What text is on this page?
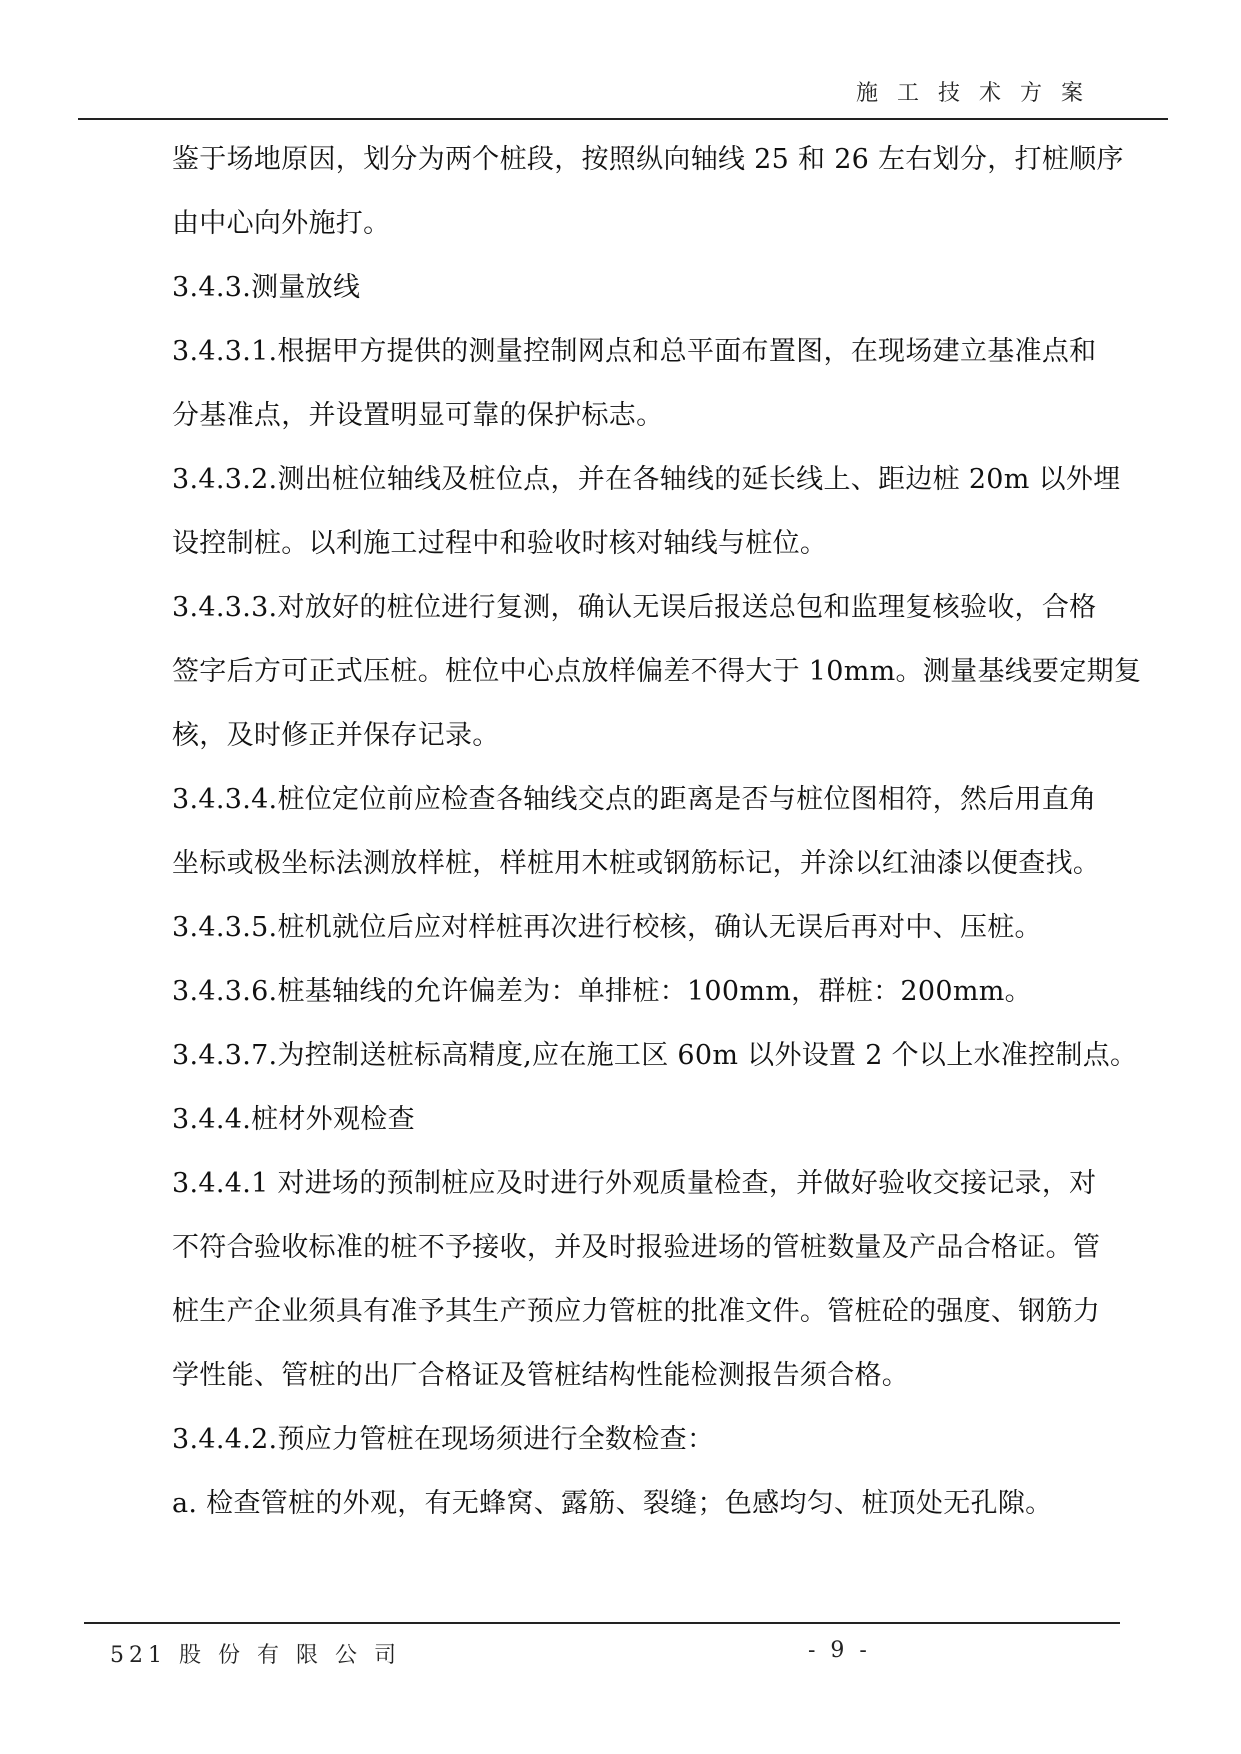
施 工 技 术 方 案
鉴于场地原因，划分为两个桩段，按照纵向轴线 25 和 26 左右划分，打桩顺序
由中心向外施打。
3.4.3.测量放线
3.4.3.1.根据甲方提供的测量控制网点和总平面布置图，在现场建立基准点和
分基准点，并设置明显可靠的保护标志。
3.4.3.2.测出桩位轴线及桩位点，并在各轴线的延长线上、距边桩 20m 以外埋
设控制桩。以利施工过程中和验收时核对轴线与桩位。
3.4.3.3.对放好的桩位进行复测，确认无误后报送总包和监理复核验收，合格
签字后方可正式压桩。桩位中心点放样偏差不得大于 10mm。测量基线要定期复
核，及时修正并保存记录。
3.4.3.4.桩位定位前应检查各轴线交点的距离是否与桩位图相符，然后用直角
坐标或极坐标法测放样桩，样桩用木桩或钢筋标记，并涂以红油漆以便查找。
3.4.3.5.桩机就位后应对样桩再次进行校核，确认无误后再对中、压桩。
3.4.3.6.桩基轴线的允许偏差为：单排桩：100mm，群桩：200mm。
3.4.3.7.为控制送桩标高精度,应在施工区 60m 以外设置 2 个以上水准控制点。
3.4.4.桩材外观检查
3.4.4.1 对进场的预制桩应及时进行外观质量检查，并做好验收交接记录，对
不符合验收标准的桩不予接收，并及时报验进场的管桩数量及产品合格证。管
桩生产企业须具有准予其生产预应力管桩的批准文件。管桩砼的强度、钢筋力
学性能、管桩的出厂合格证及管桩结构性能检测报告须合格。
3.4.4.2.预应力管桩在现场须进行全数检查：
a. 检查管桩的外观，有无蜂窝、露筋、裂缝；色感均匀、桩顶处无孔隙。
521 股 份 有 限 公 司	- 9 -
